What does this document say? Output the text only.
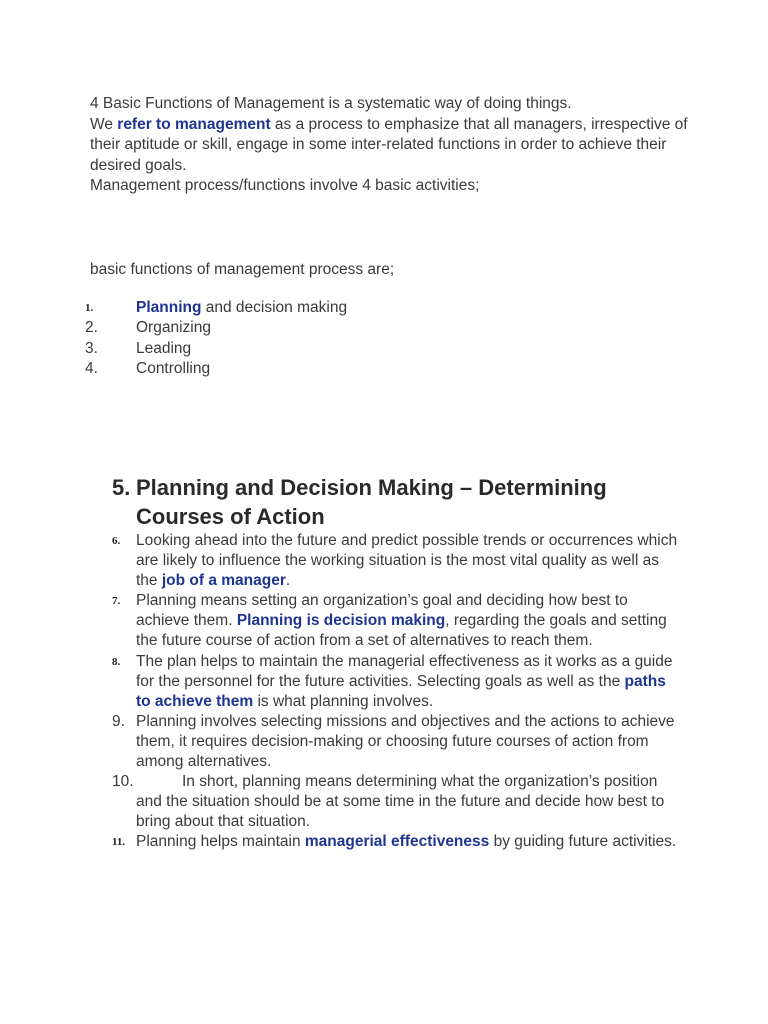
4 Basic Functions of Management is a systematic way of doing things.

We refer to management as a process to emphasize that all managers, irrespective of their aptitude or skill, engage in some inter-related functions in order to achieve their desired goals.

Management process/functions involve 4 basic activities;

basic functions of management process are;

1.	Planning and decision making
2.	Organizing
3.	Leading
4.	Controlling
5. Planning and Decision Making – Determining Courses of Action
6. Looking ahead into the future and predict possible trends or occurrences which are likely to influence the working situation is the most vital quality as well as the job of a manager.
7. Planning means setting an organization’s goal and deciding how best to achieve them. Planning is decision making, regarding the goals and setting the future course of action from a set of alternatives to reach them.
8. The plan helps to maintain the managerial effectiveness as it works as a guide for the personnel for the future activities. Selecting goals as well as the paths to achieve them is what planning involves.
9. Planning involves selecting missions and objectives and the actions to achieve them, it requires decision-making or choosing future courses of action from among alternatives.
10.	In short, planning means determining what the organization’s position and the situation should be at some time in the future and decide how best to bring about that situation.
11. Planning helps maintain managerial effectiveness by guiding future activities.
